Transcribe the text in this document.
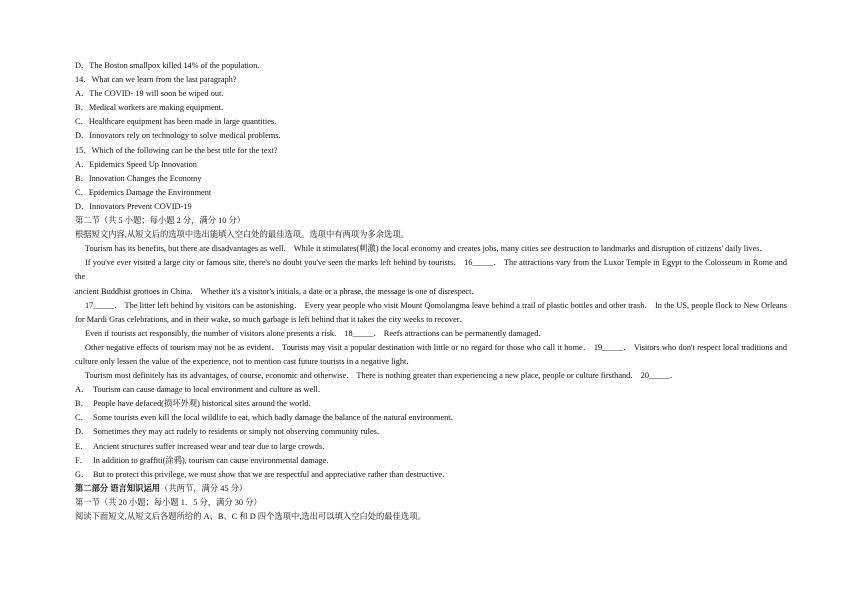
D．The Boston smallpox killed 14% of the population.
14．What can we learn from the last paragraph?
A．The COVID- 19 will soon be wiped out.
B．Medical workers are making equipment.
C．Healthcare equipment has been made in large quantities.
D．Innovators rely on technology to solve medical problems.
15．Which of the following can be the best title for the text?
A．Epidemics Speed Up Innovation
B．Innovation Changes the Economy
C．Epidemics Damage the Environment
D．Innovators Prevent COVID-19
第二节（共 5 小题；每小题 2 分，满分 10 分）
根据短文内容,从短文后的选项中选出能填入空白处的最佳选项。选项中有两项为多余选项。
Tourism has its benefits, but there are disadvantages as well． While it stimulates(刺激) the local economy and creates jobs, many cities see destruction to landmarks and disruption of citizens' daily lives．
If you've ever visited a large city or famous site, there's no doubt you've seen the marks left behind by tourists． 16_____． The attractions vary from the Luxor Temple in Egypt to the Colosseum in Rome and the
ancient Buddhist grottoes in China． Whether it's a visitor's initials, a date or a phrase, the message is one of disrespect．
17_____． The litter left behind by visitors can be astonishing． Every year people who visit Mount Qomolangma leave behind a trail of plastic bottles and other trash． In the US, people flock to New Orleans for Mardi Gras celebrations, and in their wake, so much garbage is left behind that it takes the city weeks to recover．
Even if tourists act responsibly, the number of visitors alone presents a risk． 18_____． Reefs attractions can be permanently damaged．
Other negative effects of tourism may not be as evident． Tourists may visit a popular destination with little or no regard for those who call it home． 19_____． Visitors who don't respect local traditions and culture only lessen the value of the experience, not to mention cast future tourists in a negative light．
Tourism most definitely has its advantages, of course, economic and otherwise． There is nothing greater than experiencing a new place, people or culture firsthand． 20_____．
A． Tourism can cause damage to local environment and culture as well．
B． People have defaced(损坏外观) historical sites around the world．
C． Some tourists even kill the local wildlife to eat, which badly damage the balance of the natural environment．
D． Sometimes they may act rudely to residents or simply not observing community rules．
E． Ancient structures suffer increased wear and tear due to large crowds．
F． In addition to graffiti(涂鸦), tourism can cause environmental damage．
G． But to protect this privilege, we must show that we are respectful and appreciative rather than destructive．
第二部分 语言知识运用（共两节，满分 45 分）
第一节（共 20 小题；每小题 1．5 分，满分 30 分）
阅读下面短文,从短文后各题所给的 A、B、C 和 D 四个选项中,选出可以填入空白处的最佳选项。
